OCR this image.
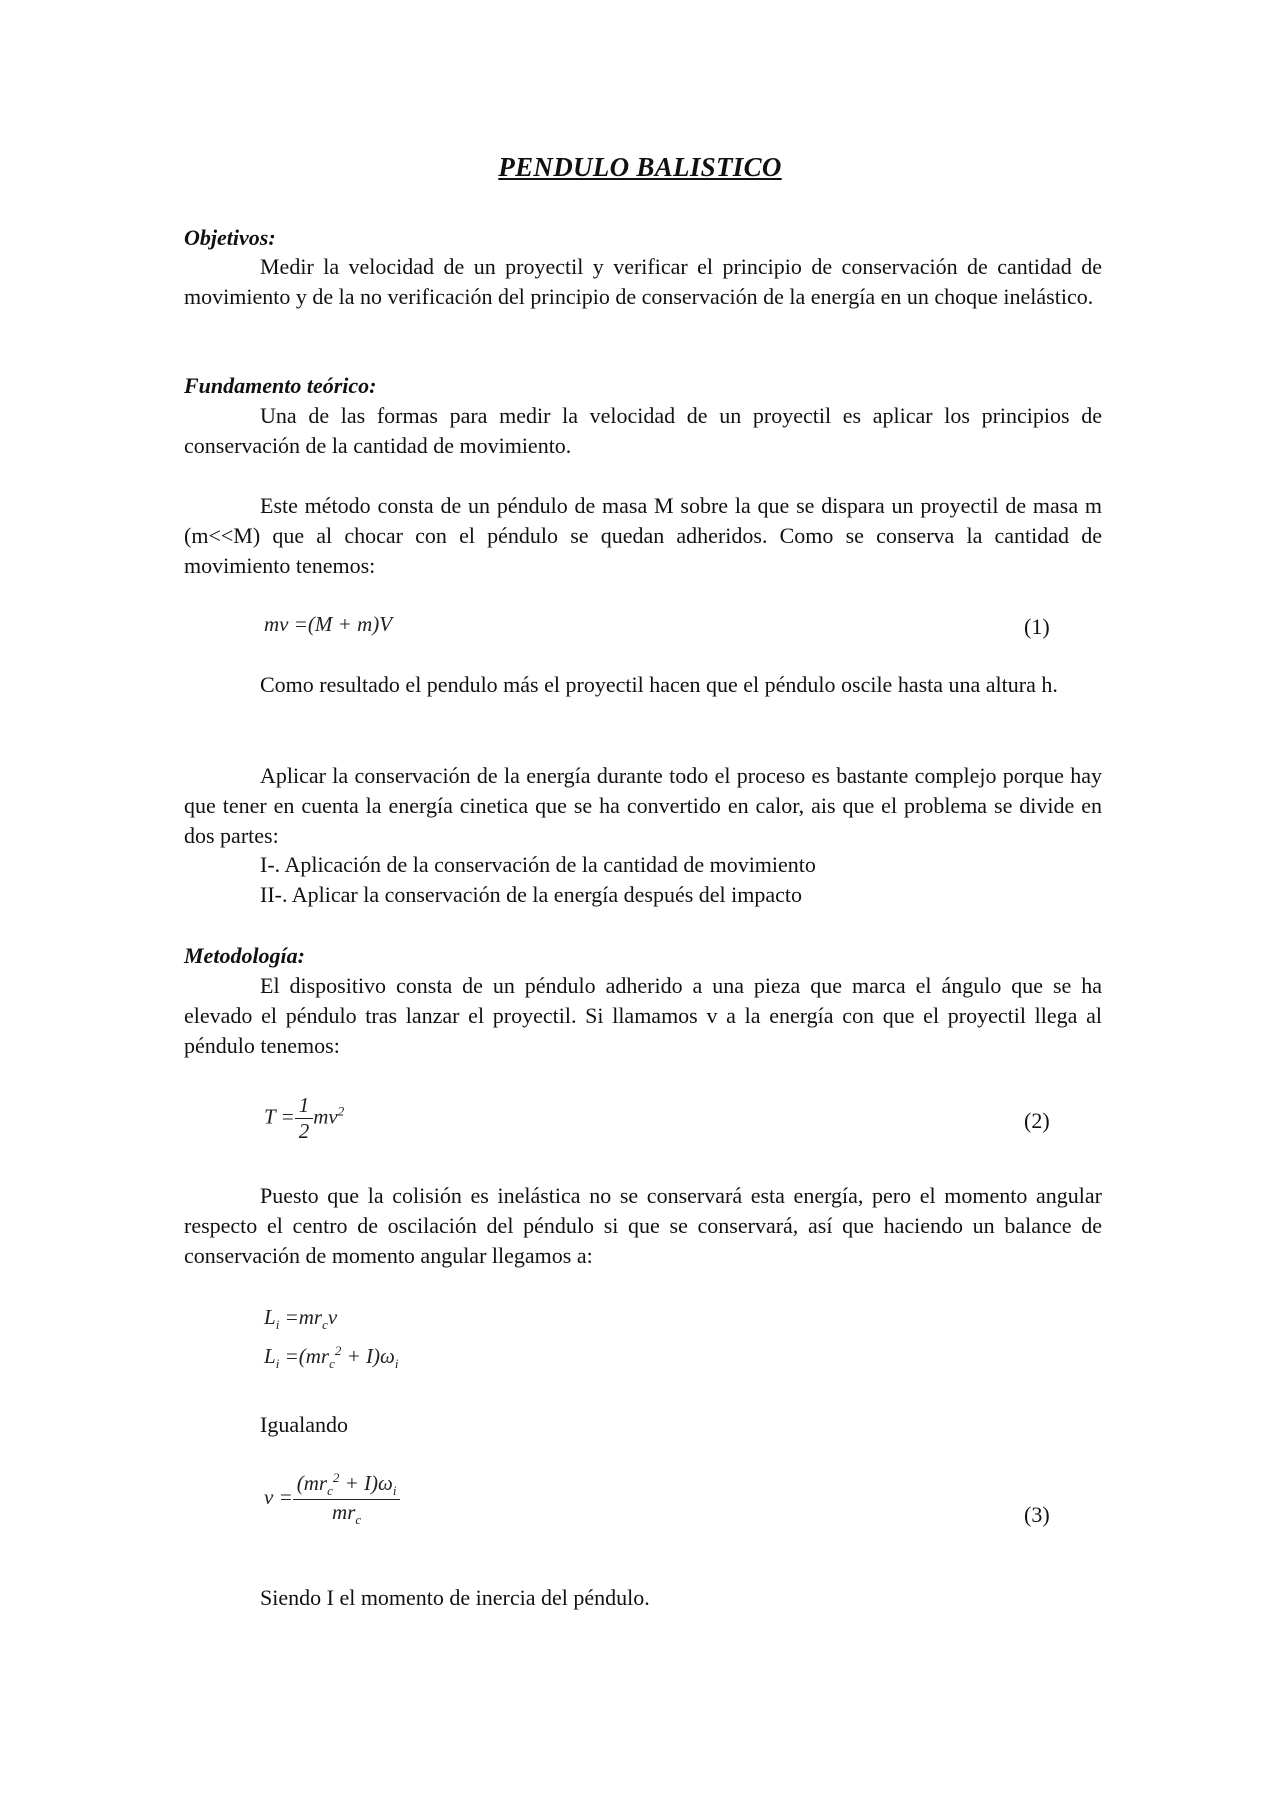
PENDULO BALISTICO
Objetivos:
Medir la velocidad de un proyectil y verificar el principio de conservación de cantidad de movimiento y de la no verificación del principio de conservación de la energía en un choque inelástico.
Fundamento teórico:
Una de las formas para medir la velocidad de un proyectil es aplicar los principios de conservación de la cantidad de movimiento.
Este método consta de un péndulo de masa M sobre la que se dispara un proyectil de masa m (m<<M) que al chocar con el péndulo se quedan adheridos. Como se conserva la cantidad de movimiento tenemos:
mv =(M + m)V	(1)
Como resultado el pendulo más el proyectil hacen que el péndulo oscile hasta una altura h.
Aplicar la conservación de la energía durante todo el proceso es bastante complejo porque hay que tener en cuenta la energía cinetica que se ha convertido en calor, ais que el problema se divide en dos partes:
I-. Aplicación de la conservación de la cantidad de movimiento
II-. Aplicar la conservación de la energía después del impacto
Metodología:
El dispositivo consta de un péndulo adherido a una pieza que marca el ángulo que se ha elevado el péndulo tras lanzar el proyectil. Si llamamos v a la energía con que el proyectil llega al péndulo tenemos:
$T = \frac{1}{2} mv^2$	(2)
Puesto que la colisión es inelástica no se conservará esta energía, pero el momento angular respecto el centro de oscilación del péndulo si que se conservará, así que haciendo un balance de conservación de momento angular llegamos a:
$L_i =mr_cv$
$L_i =(mr_c^2 + I)\omega_i$
Igualando
$v = \frac{(mr_c^2 + I)\omega_i}{mr_c}$	(3)
Siendo I el momento de inercia del péndulo.
